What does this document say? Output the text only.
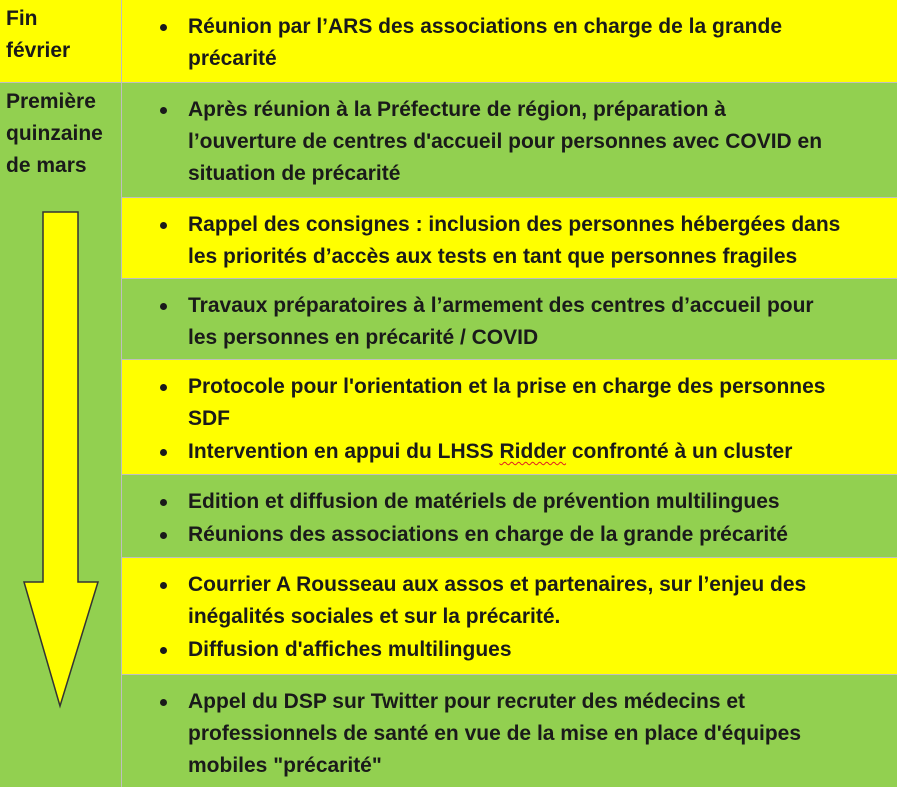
Fin
février
Première
quinzaine
de mars
Réunion par l’ARS des associations en charge de la grande
précarité
Après réunion à la Préfecture de région, préparation à
l’ouverture de centres d'accueil pour personnes avec COVID en
situation de précarité
Rappel des consignes : inclusion des personnes hébergées dans
les priorités d’accès aux tests en tant que personnes fragiles
Travaux préparatoires à l’armement des centres d’accueil pour
les personnes en précarité / COVID
Protocole pour l'orientation et la prise en charge des personnes
SDF
Intervention en appui du LHSS Ridder confronté à un cluster
Edition et diffusion de matériels de prévention multilingues
Réunions des associations en charge de la grande précarité
Courrier A Rousseau aux assos et partenaires, sur l’enjeu des
inégalités sociales et sur la précarité.
Diffusion d'affiches multilingues
Appel du DSP sur Twitter pour recruter des médecins et
professionnels de santé en vue de la mise en place d'équipes
mobiles "précarité"
